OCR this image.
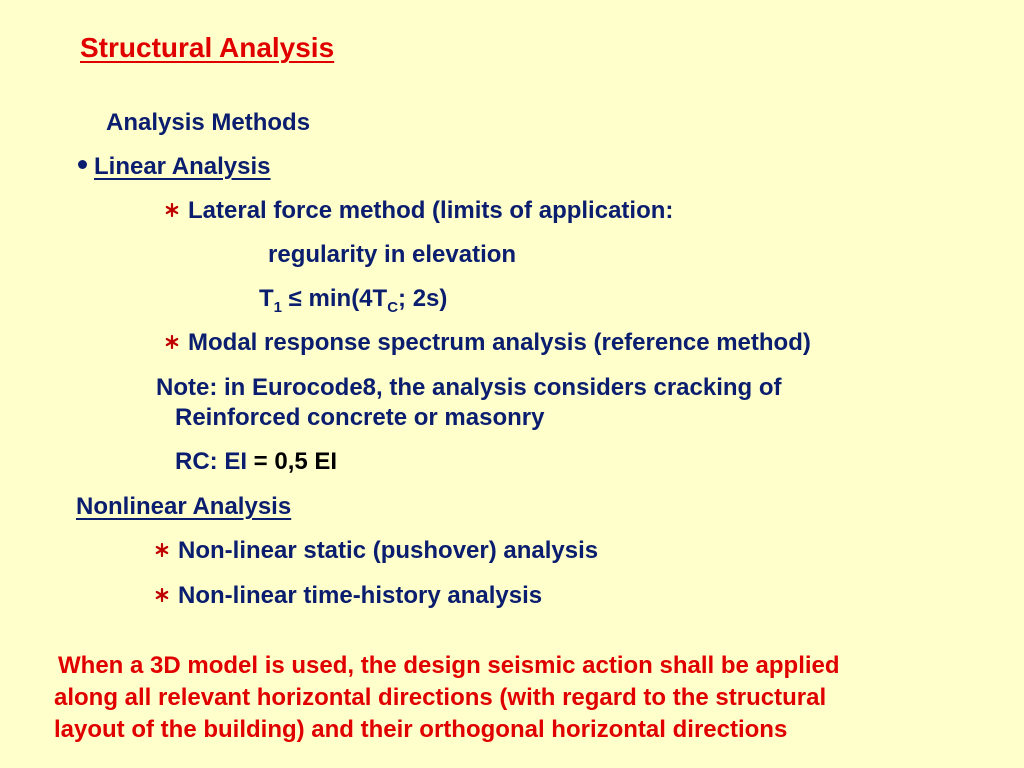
Structural Analysis
Analysis Methods
Linear Analysis
Lateral force method (limits of application:
regularity in elevation
$T_1 \le \min(4T_C$; 2s)
Modal response spectrum analysis (reference method)
Note: in Eurocode8, the analysis considers cracking of
Reinforced concrete or masonry
RC: EI = 0,5 EI
Nonlinear Analysis
Non-linear static (pushover) analysis
Non-linear time-history analysis
When a 3D model is used, the design seismic action shall be applied
along all relevant horizontal directions (with regard to the structural
layout of the building) and their orthogonal horizontal directions
